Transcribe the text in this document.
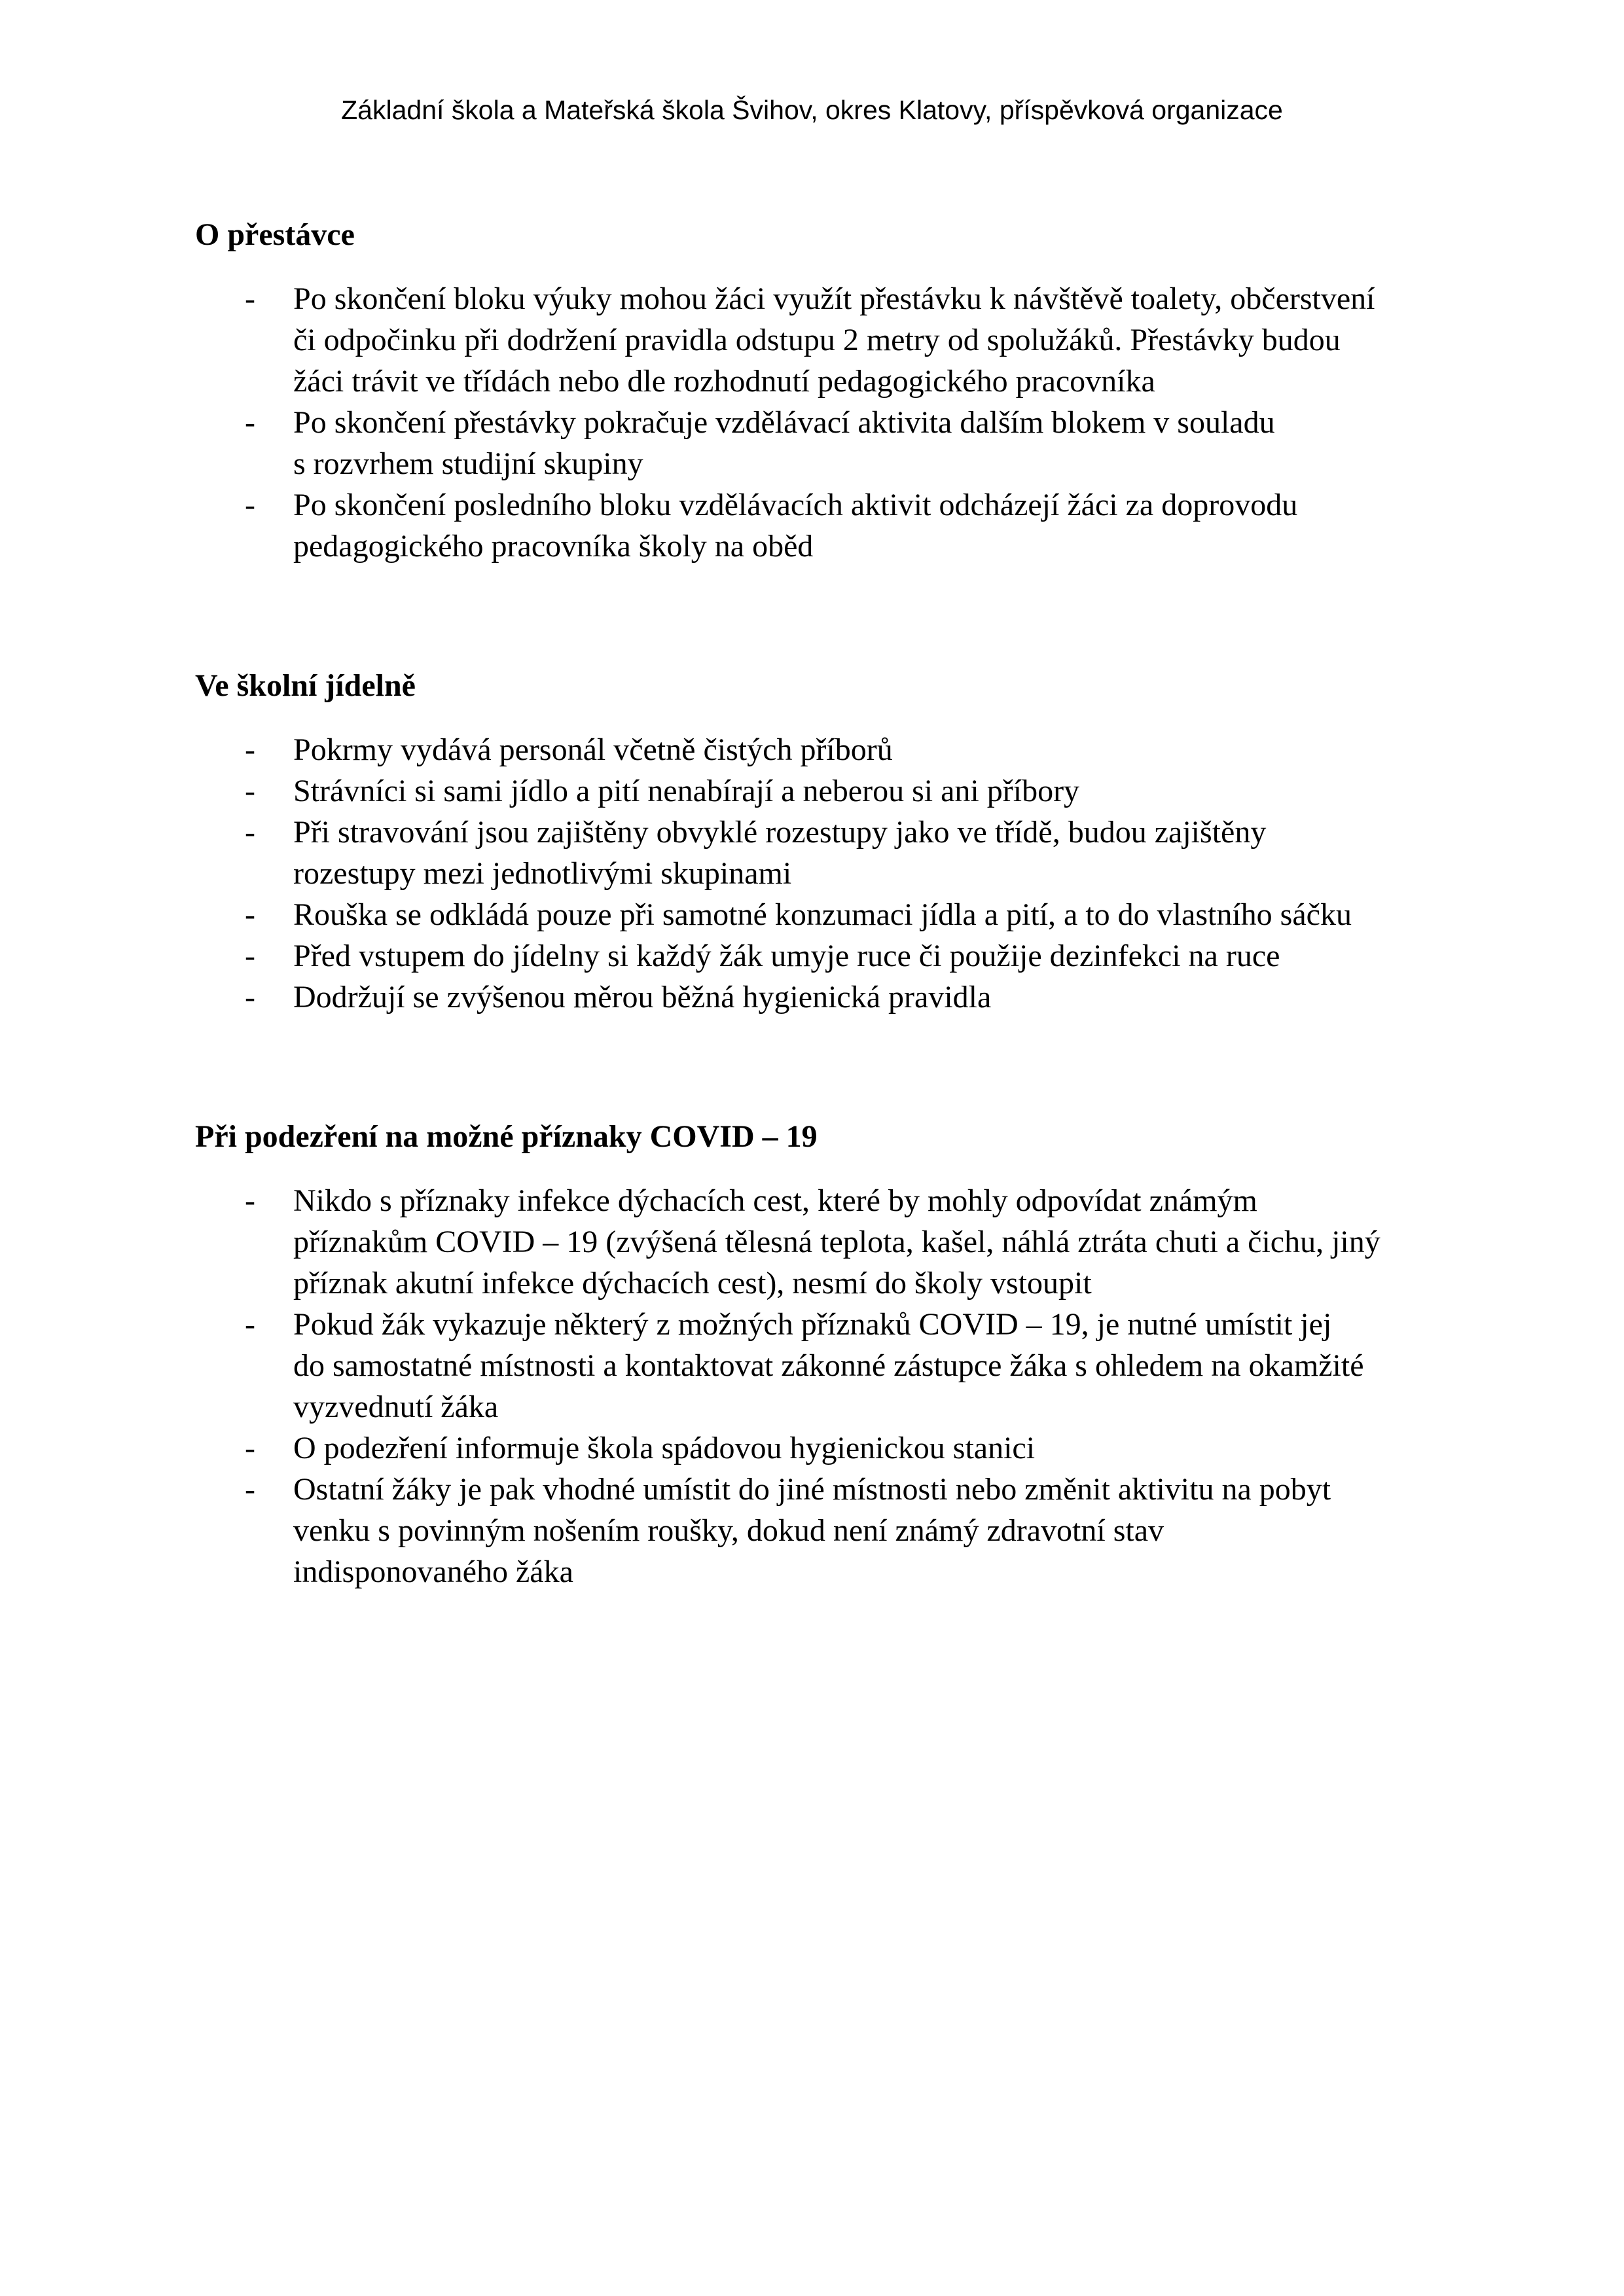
Základní škola a Mateřská škola Švihov, okres Klatovy, příspěvková organizace

O přestávce
- Po skončení bloku výuky mohou žáci využít přestávku k návštěvě toalety, občerstvení
či odpočinku při dodržení pravidla odstupu 2 metry od spolužáků. Přestávky budou
žáci trávit ve třídách nebo dle rozhodnutí pedagogického pracovníka
- Po skončení přestávky pokračuje vzdělávací aktivita dalším blokem v souladu
s rozvrhem studijní skupiny
- Po skončení posledního bloku vzdělávacích aktivit odcházejí žáci za doprovodu
pedagogického pracovníka školy na oběd
Ve školní jídelně
- Pokrmy vydává personál včetně čistých příborů
- Strávníci si sami jídlo a pití nenabírají a neberou si ani příbory
- Při stravování jsou zajištěny obvyklé rozestupy jako ve třídě, budou zajištěny
rozestupy mezi jednotlivými skupinami
- Rouška se odkládá pouze při samotné konzumaci jídla a pití, a to do vlastního sáčku
- Před vstupem do jídelny si každý žák umyje ruce či použije dezinfekci na ruce
- Dodržují se zvýšenou měrou běžná hygienická pravidla
Při podezření na možné příznaky COVID – 19
- Nikdo s příznaky infekce dýchacích cest, které by mohly odpovídat známým
příznakům COVID – 19 (zvýšená tělesná teplota, kašel, náhlá ztráta chuti a čichu, jiný
příznak akutní infekce dýchacích cest), nesmí do školy vstoupit
- Pokud žák vykazuje některý z možných příznaků COVID – 19, je nutné umístit jej
do samostatné místnosti a kontaktovat zákonné zástupce žáka s ohledem na okamžité
vyzvednutí žáka
- O podezření informuje škola spádovou hygienickou stanici
- Ostatní žáky je pak vhodné umístit do jiné místnosti nebo změnit aktivitu na pobyt
venku s povinným nošením roušky, dokud není známý zdravotní stav
indisponovaného žáka
